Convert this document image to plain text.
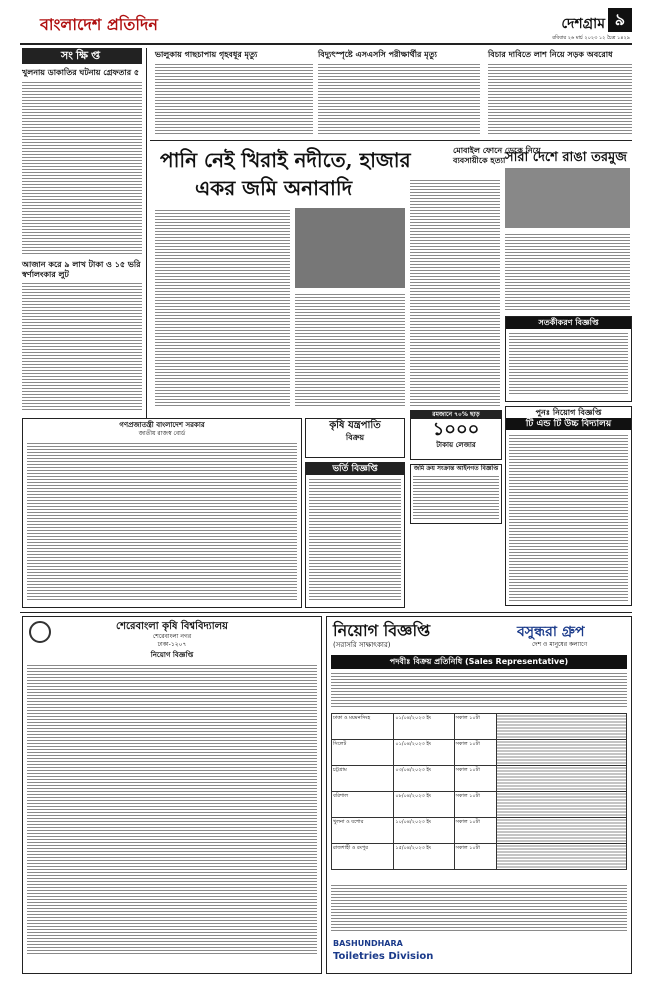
বাংলাদেশ প্রতিদিন	দেশগ্রাম ৯
রবিবার ২৬ মার্চ ২০২৩ ১২ চৈত্র ১৪২৯
সংক্ষিপ্ত
খুলনায় ডাকাতির ঘটনায় গ্রেফতার ৫
আজান করে ৯ লাখ টাকা ও ১৫ ভরি স্বর্ণালংকার লুট
ভালুকায় গাছচাপায় গৃহবধূর মৃত্যু	বিদ্যুৎস্পৃষ্টে এসএসসি পরীক্ষার্থীর মৃত্যু	বিচার দাবিতে লাশ নিয়ে সড়ক অবরোধ
পানি নেই খিরাই নদীতে, হাজার
একর জমি অনাবাদি
মোবাইল ফোনে ডেকে নিয়ে ব্যবসায়ীকে হত্যা সারা দেশে রাঙা তরমুজ
সতর্কীকরণ বিজ্ঞপ্তি
গণপ্রজাতন্ত্রী বাংলাদেশ সরকার
জাতীয় রাজস্ব বোর্ড
কৃষি যন্ত্রপাতি
বিক্রয়
ভর্তি বিজ্ঞপ্তি
রমজানে ৭০% ছাড়
১০০০
টাকায় লেজার
জমি ক্রয় সংক্রান্ত আইনগত বিজ্ঞপ্তি
পুনঃ নিয়োগ বিজ্ঞপ্তি
টি এন্ড টি উচ্চ বিদ্যালয়
শেরেবাংলা কৃষি বিশ্ববিদ্যালয়
শেরেবাংলা নগর
ঢাকা-১২০৭
নিয়োগ বিজ্ঞপ্তি
নিয়োগ বিজ্ঞপ্তি
(সরাসরি সাক্ষাৎকার)
বসুন্ধরা গ্রুপ
দেশ ও মানুষের কল্যাণে
পদবীঃ বিক্রয় প্রতিনিধি (Sales Representative)
ঢাকা ও ময়মনসিংহ	০১/০৪/২০২৩ ইং	সকাল ১০টা	
সিলেট	০১/০৪/২০২৩ ইং	সকাল ১০টা	
চট্টগ্রাম	০৩/০৪/২০২৩ ইং	সকাল ১০টা	
বরিশাল	০৮/০৪/২০২৩ ইং	সকাল ১০টা	
খুলনা ও যশোর	১০/০৪/২০২৩ ইং	সকাল ১০টা	
রাজশাহী ও রংপুর	১৫/০৪/২০২৩ ইং	সকাল ১০টা	
BASHUNDHARA
Toiletries Division
